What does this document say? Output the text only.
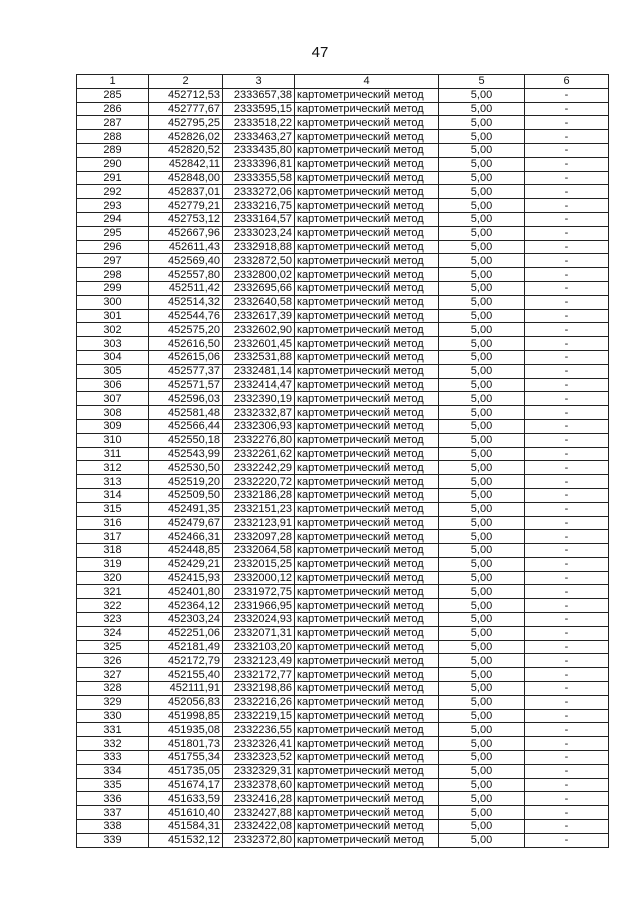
47
1	2	3	4	5	6
285	452712,53	2333657,38	картометрический метод	5,00	-
286	452777,67	2333595,15	картометрический метод	5,00	-
287	452795,25	2333518,22	картометрический метод	5,00	-
288	452826,02	2333463,27	картометрический метод	5,00	-
289	452820,52	2333435,80	картометрический метод	5,00	-
290	452842,11	2333396,81	картометрический метод	5,00	-
291	452848,00	2333355,58	картометрический метод	5,00	-
292	452837,01	2333272,06	картометрический метод	5,00	-
293	452779,21	2333216,75	картометрический метод	5,00	-
294	452753,12	2333164,57	картометрический метод	5,00	-
295	452667,96	2333023,24	картометрический метод	5,00	-
296	452611,43	2332918,88	картометрический метод	5,00	-
297	452569,40	2332872,50	картометрический метод	5,00	-
298	452557,80	2332800,02	картометрический метод	5,00	-
299	452511,42	2332695,66	картометрический метод	5,00	-
300	452514,32	2332640,58	картометрический метод	5,00	-
301	452544,76	2332617,39	картометрический метод	5,00	-
302	452575,20	2332602,90	картометрический метод	5,00	-
303	452616,50	2332601,45	картометрический метод	5,00	-
304	452615,06	2332531,88	картометрический метод	5,00	-
305	452577,37	2332481,14	картометрический метод	5,00	-
306	452571,57	2332414,47	картометрический метод	5,00	-
307	452596,03	2332390,19	картометрический метод	5,00	-
308	452581,48	2332332,87	картометрический метод	5,00	-
309	452566,44	2332306,93	картометрический метод	5,00	-
310	452550,18	2332276,80	картометрический метод	5,00	-
311	452543,99	2332261,62	картометрический метод	5,00	-
312	452530,50	2332242,29	картометрический метод	5,00	-
313	452519,20	2332220,72	картометрический метод	5,00	-
314	452509,50	2332186,28	картометрический метод	5,00	-
315	452491,35	2332151,23	картометрический метод	5,00	-
316	452479,67	2332123,91	картометрический метод	5,00	-
317	452466,31	2332097,28	картометрический метод	5,00	-
318	452448,85	2332064,58	картометрический метод	5,00	-
319	452429,21	2332015,25	картометрический метод	5,00	-
320	452415,93	2332000,12	картометрический метод	5,00	-
321	452401,80	2331972,75	картометрический метод	5,00	-
322	452364,12	2331966,95	картометрический метод	5,00	-
323	452303,24	2332024,93	картометрический метод	5,00	-
324	452251,06	2332071,31	картометрический метод	5,00	-
325	452181,49	2332103,20	картометрический метод	5,00	-
326	452172,79	2332123,49	картометрический метод	5,00	-
327	452155,40	2332172,77	картометрический метод	5,00	-
328	452111,91	2332198,86	картометрический метод	5,00	-
329	452056,83	2332216,26	картометрический метод	5,00	-
330	451998,85	2332219,15	картометрический метод	5,00	-
331	451935,08	2332236,55	картометрический метод	5,00	-
332	451801,73	2332326,41	картометрический метод	5,00	-
333	451755,34	2332323,52	картометрический метод	5,00	-
334	451735,05	2332329,31	картометрический метод	5,00	-
335	451674,17	2332378,60	картометрический метод	5,00	-
336	451633,59	2332416,28	картометрический метод	5,00	-
337	451610,40	2332427,88	картометрический метод	5,00	-
338	451584,31	2332422,08	картометрический метод	5,00	-
339	451532,12	2332372,80	картометрический метод	5,00	-
